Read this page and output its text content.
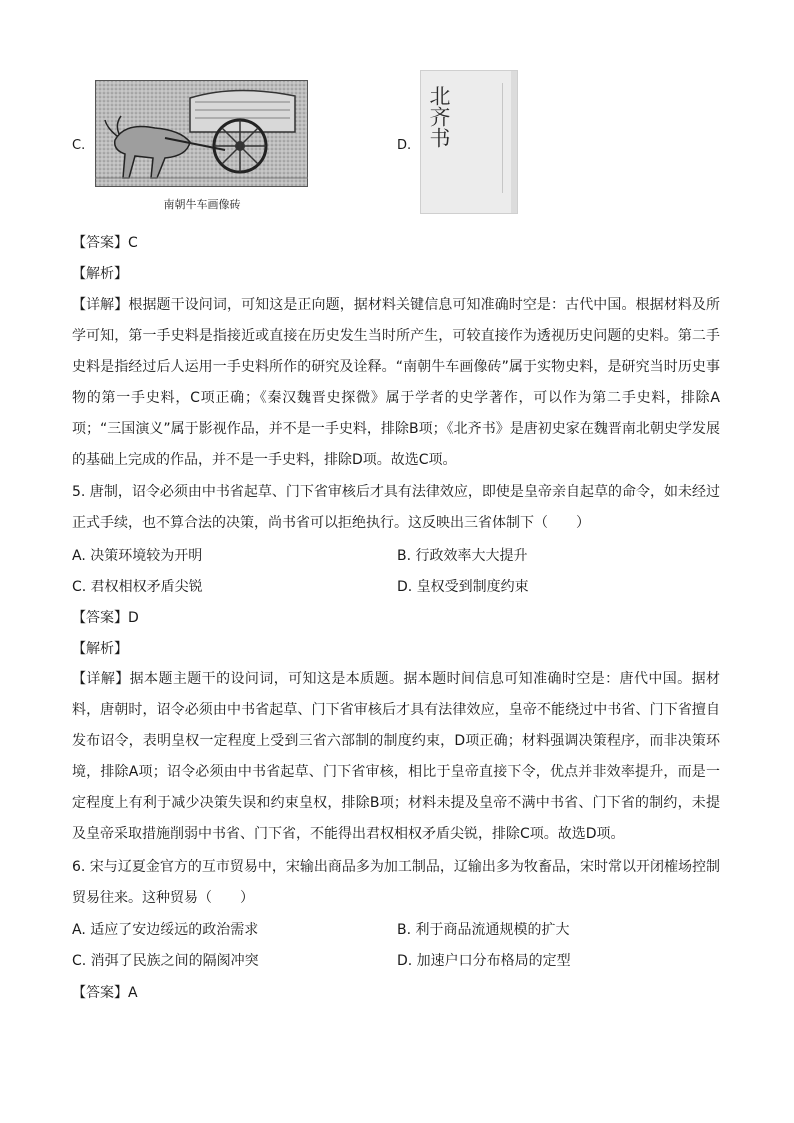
C.
南朝牛车画像砖
D. 北齐书
【答案】C
【解析】
【详解】根据题干设问词，可知这是正向题，据材料关键信息可知准确时空是：古代中国。根据材料及所学可知，第一手史料是指接近或直接在历史发生当时所产生，可较直接作为透视历史问题的史料。第二手史料是指经过后人运用一手史料所作的研究及诠释。“南朝牛车画像砖”属于实物史料，是研究当时历史事物的第一手史料，C项正确；《秦汉魏晋史探微》属于学者的史学著作，可以作为第二手史料，排除A项；“三国演义”属于影视作品，并不是一手史料，排除B项；《北齐书》是唐初史家在魏晋南北朝史学发展的基础上完成的作品，并不是一手史料，排除D项。故选C项。
5. 唐制，诏令必须由中书省起草、门下省审核后才具有法律效应，即使是皇帝亲自起草的命令，如未经过正式手续，也不算合法的决策，尚书省可以拒绝执行。这反映出三省体制下（　　）
A. 决策环境较为开明	B. 行政效率大大提升
C. 君权相权矛盾尖锐	D. 皇权受到制度约束
【答案】D
【解析】
【详解】据本题主题干的设问词，可知这是本质题。据本题时间信息可知准确时空是：唐代中国。据材料，唐朝时，诏令必须由中书省起草、门下省审核后才具有法律效应，皇帝不能绕过中书省、门下省擅自发布诏令，表明皇权一定程度上受到三省六部制的制度约束，D项正确；材料强调决策程序，而非决策环境，排除A项；诏令必须由中书省起草、门下省审核，相比于皇帝直接下令，优点并非效率提升，而是一定程度上有利于减少决策失误和约束皇权，排除B项；材料未提及皇帝不满中书省、门下省的制约，未提及皇帝采取措施削弱中书省、门下省，不能得出君权相权矛盾尖锐，排除C项。故选D项。
6. 宋与辽夏金官方的互市贸易中，宋输出商品多为加工制品，辽输出多为牧畜品，宋时常以开闭榷场控制贸易往来。这种贸易（　　）
A. 适应了安边绥远的政治需求	B. 利于商品流通规模的扩大
C. 消弭了民族之间的隔阂冲突	D. 加速户口分布格局的定型
【答案】A
